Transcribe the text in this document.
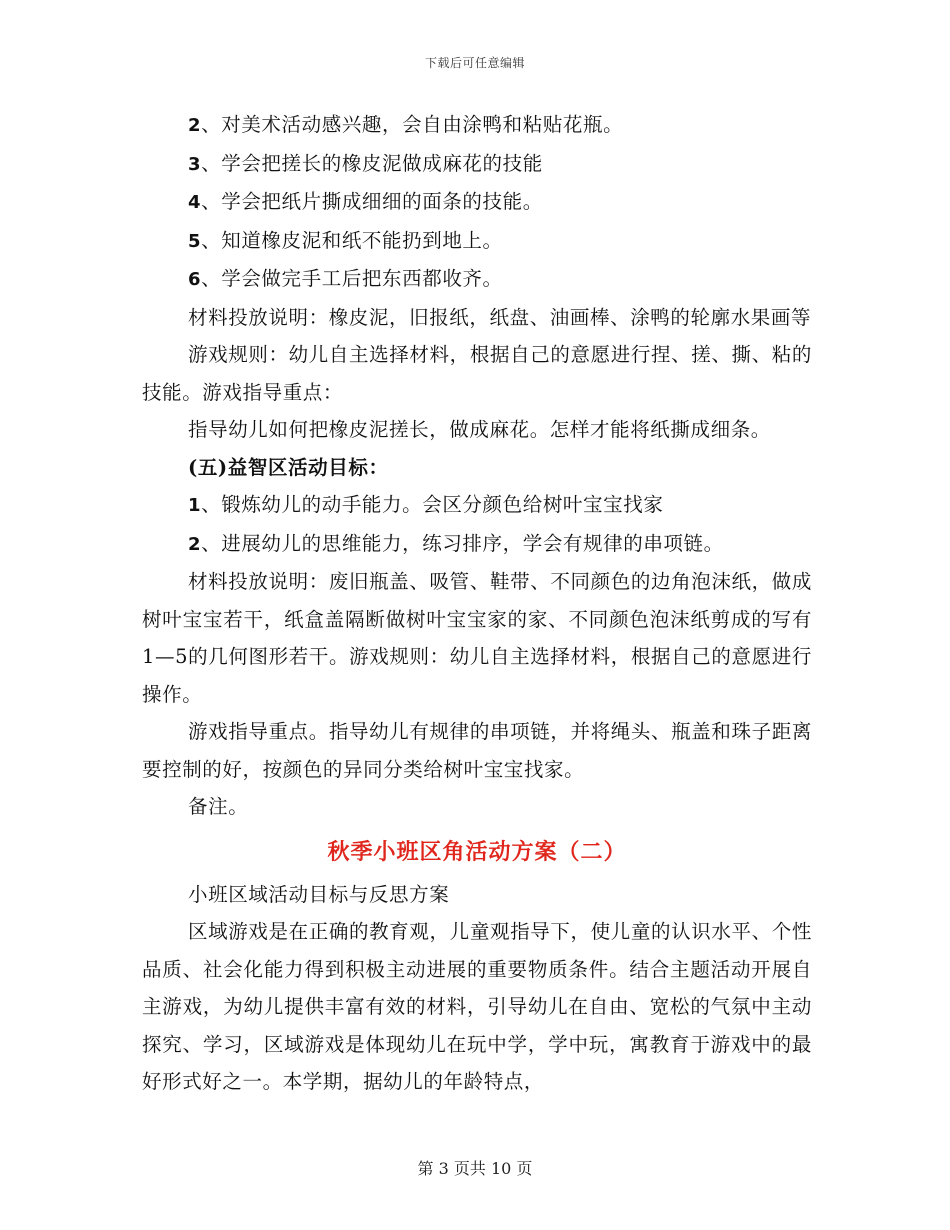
下载后可任意编辑

2、对美术活动感兴趣，会自由涂鸭和粘贴花瓶。

3、学会把搓长的橡皮泥做成麻花的技能

4、学会把纸片撕成细细的面条的技能。

5、知道橡皮泥和纸不能扔到地上。

6、学会做完手工后把东西都收齐。

材料投放说明：橡皮泥，旧报纸，纸盘、油画棒、涂鸭的轮廓水果画等

游戏规则：幼儿自主选择材料，根据自己的意愿进行捏、搓、撕、粘的技能。游戏指导重点：

指导幼儿如何把橡皮泥搓长，做成麻花。怎样才能将纸撕成细条。

(五)益智区活动目标：

1、锻炼幼儿的动手能力。会区分颜色给树叶宝宝找家

2、进展幼儿的思维能力，练习排序，学会有规律的串项链。

材料投放说明：废旧瓶盖、吸管、鞋带、不同颜色的边角泡沫纸，做成树叶宝宝若干，纸盒盖隔断做树叶宝宝家的家、不同颜色泡沫纸剪成的写有1—5的几何图形若干。游戏规则：幼儿自主选择材料，根据自己的意愿进行操作。

游戏指导重点。指导幼儿有规律的串项链，并将绳头、瓶盖和珠子距离要控制的好，按颜色的异同分类给树叶宝宝找家。

备注。

秋季小班区角活动方案（二）

小班区域活动目标与反思方案

区域游戏是在正确的教育观，儿童观指导下，使儿童的认识水平、个性品质、社会化能力得到积极主动进展的重要物质条件。结合主题活动开展自主游戏，为幼儿提供丰富有效的材料，引导幼儿在自由、宽松的气氛中主动探究、学习，区域游戏是体现幼儿在玩中学，学中玩，寓教育于游戏中的最好形式好之一。本学期，据幼儿的年龄特点，

第 3 页共 10 页
